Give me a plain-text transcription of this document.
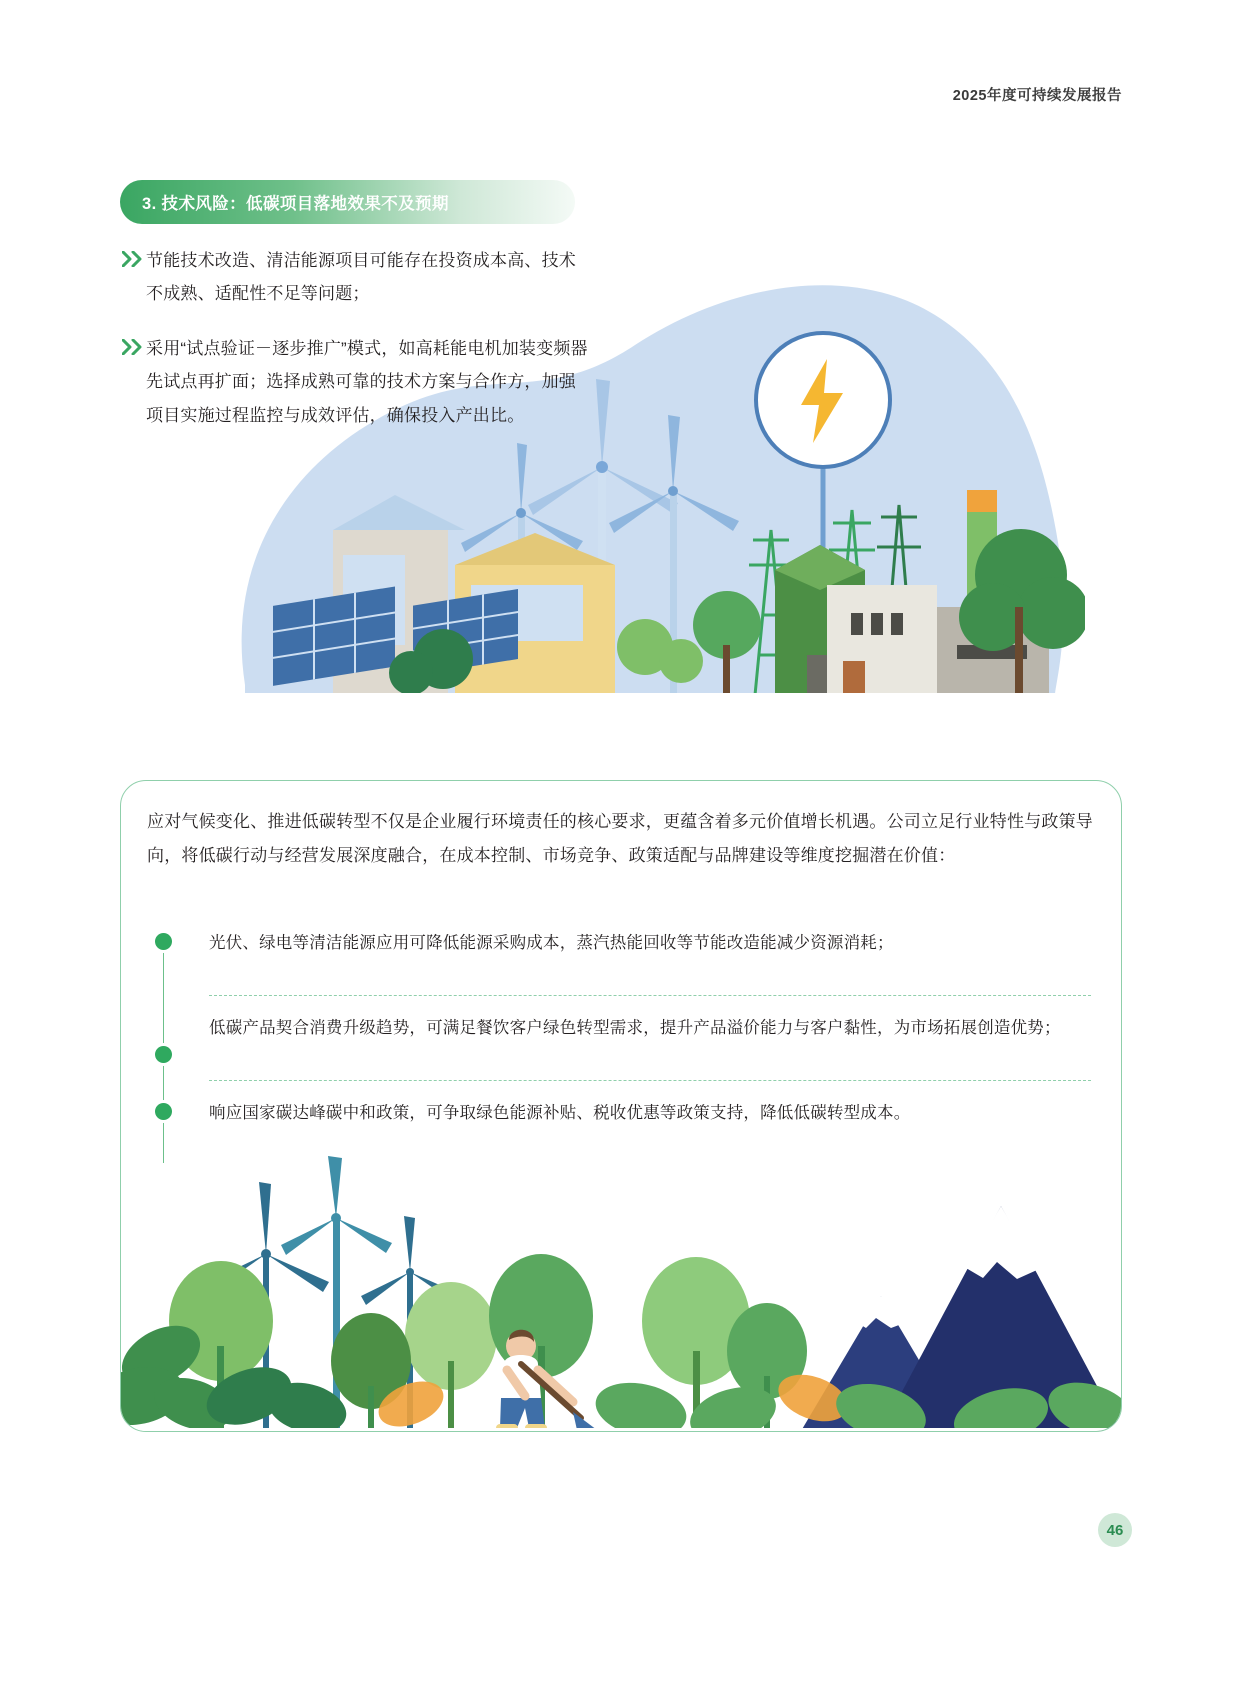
2025年度可持续发展报告
3. 技术风险：低碳项目落地效果不及预期
节能技术改造、清洁能源项目可能存在投资成本高、技术不成熟、适配性不足等问题；
采用“试点验证－逐步推广”模式，如高耗能电机加装变频器先试点再扩面；选择成熟可靠的技术方案与合作方，加强项目实施过程监控与成效评估，确保投入产出比。
应对气候变化、推进低碳转型不仅是企业履行环境责任的核心要求，更蕴含着多元价值增长机遇。公司立足行业特性与政策导向，将低碳行动与经营发展深度融合，在成本控制、市场竞争、政策适配与品牌建设等维度挖掘潜在价值：
光伏、绿电等清洁能源应用可降低能源采购成本，蒸汽热能回收等节能改造能减少资源消耗；
低碳产品契合消费升级趋势，可满足餐饮客户绿色转型需求，提升产品溢价能力与客户黏性，为市场拓展创造优势；
响应国家碳达峰碳中和政策，可争取绿色能源补贴、税收优惠等政策支持，降低低碳转型成本。
46
